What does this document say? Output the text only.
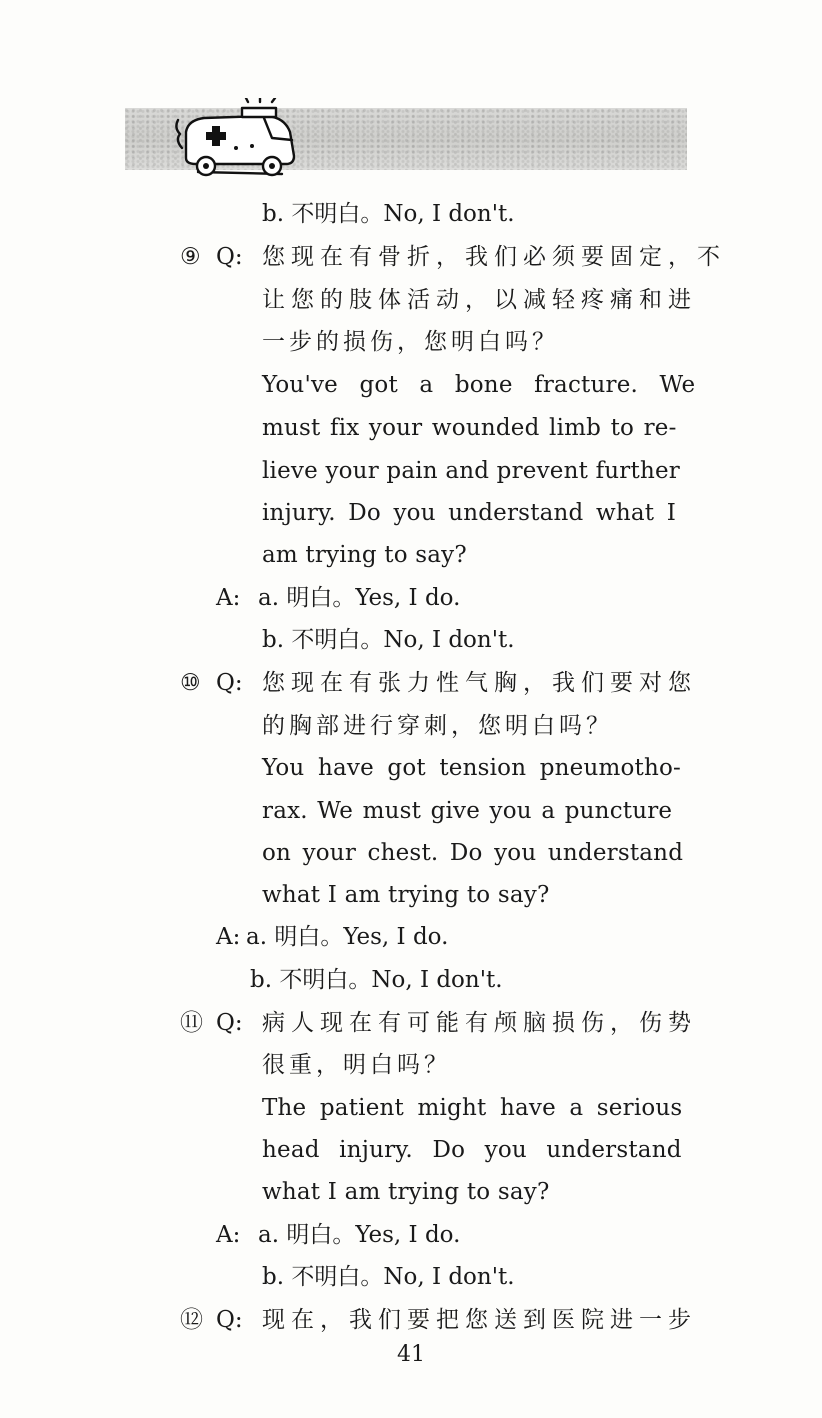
b. 不明白。No, I don't.
⑨ Q: 您现在有骨折，我们必须要固定，不
让您的肢体活动，以减轻疼痛和进
一步的损伤，您明白吗？
You've got a bone fracture. We
must fix your wounded limb to re-
lieve your pain and prevent further
injury. Do you understand what I
am trying to say?
A: a. 明白。Yes, I do.
b. 不明白。No, I don't.
⑩ Q: 您现在有张力性气胸，我们要对您
的胸部进行穿刺，您明白吗？
You have got tension pneumotho-
rax. We must give you a puncture
on your chest. Do you understand
what I am trying to say?
A: a. 明白。Yes, I do.
b. 不明白。No, I don't.
⑪ Q: 病人现在有可能有颅脑损伤，伤势
很重，明白吗？
The patient might have a serious
head injury. Do you understand
what I am trying to say?
A: a. 明白。Yes, I do.
b. 不明白。No, I don't.
⑫ Q: 现在，我们要把您送到医院进一步
41
